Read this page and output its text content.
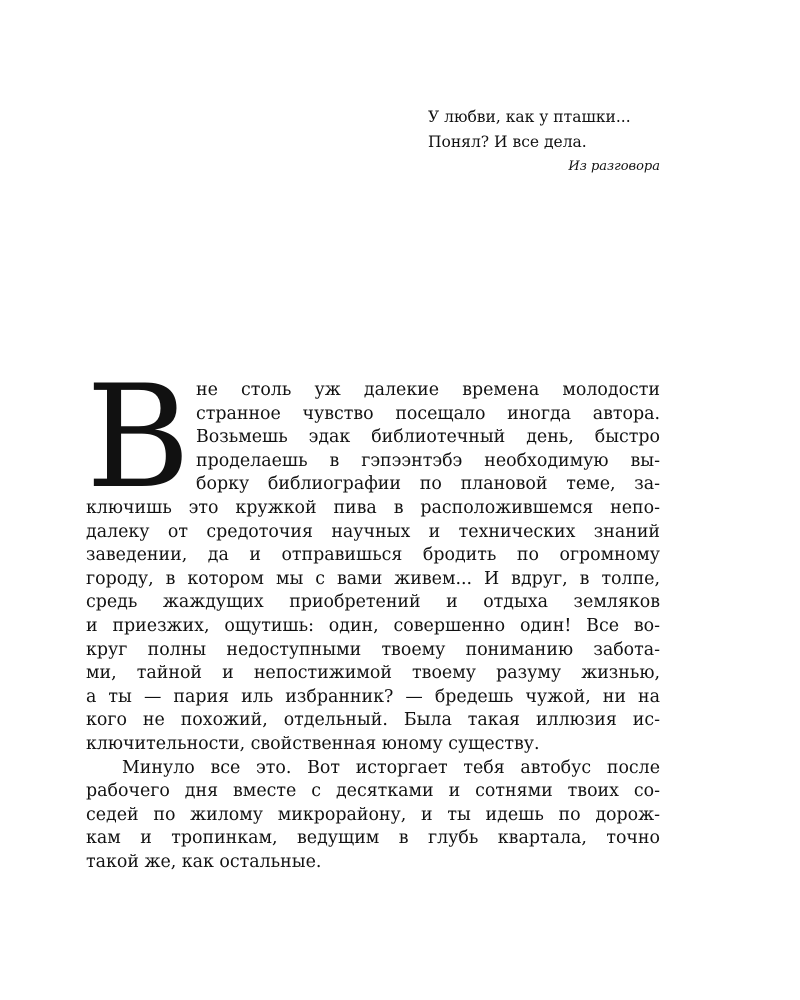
У любви, как у пташки...
Понял? И все дела.
Из разговора
В не столь уж далекие времена молодости
странное чувство посещало иногда автора.
Возьмешь эдак библиотечный день, быстро
проделаешь в гэпээнтэбэ необходимую вы-
борку библиографии по плановой теме, за-
ключишь это кружкой пива в расположившемся непо-
далеку от средоточия научных и технических знаний
заведении, да и отправишься бродить по огромному
городу, в котором мы с вами живем... И вдруг, в толпе,
средь жаждущих приобретений и отдыха земляков
и приезжих, ощутишь: один, совершенно один! Все во-
круг полны недоступными твоему пониманию забота-
ми, тайной и непостижимой твоему разуму жизнью,
а ты — пария иль избранник? — бредешь чужой, ни на
кого не похожий, отдельный. Была такая иллюзия ис-
ключительности, свойственная юному существу.
Минуло все это. Вот исторгает тебя автобус после
рабочего дня вместе с десятками и сотнями твоих со-
седей по жилому микрорайону, и ты идешь по дорож-
кам и тропинкам, ведущим в глубь квартала, точно
такой же, как остальные.
